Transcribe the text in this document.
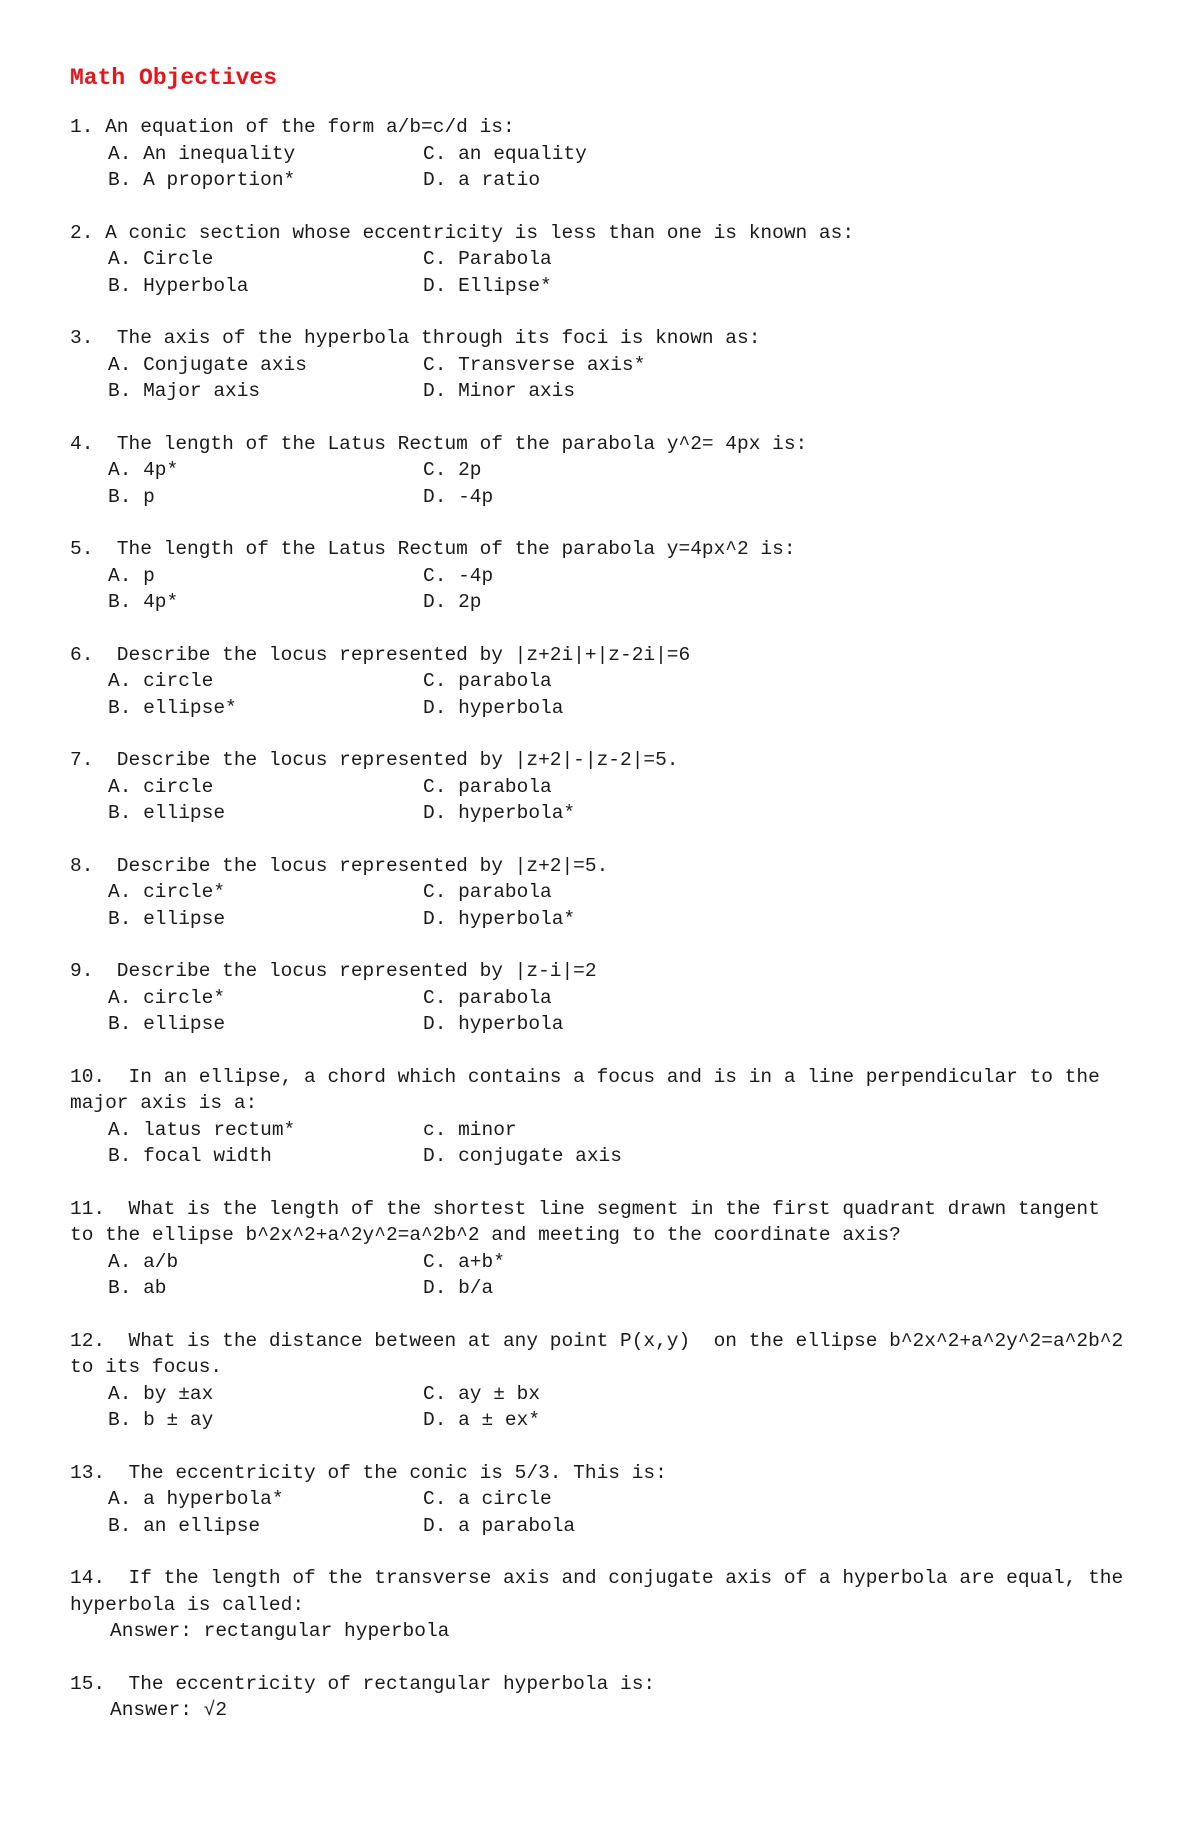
Math Objectives
1. An equation of the form a/b=c/d is:
A. An inequality	C. an equality
B. A proportion*	D. a ratio
2. A conic section whose eccentricity is less than one is known as:
A. Circle	C. Parabola
B. Hyperbola	D. Ellipse*
3.  The axis of the hyperbola through its foci is known as:
A. Conjugate axis	C. Transverse axis*
B. Major axis	D. Minor axis
4.  The length of the Latus Rectum of the parabola y^2= 4px is:
A. 4p*	C. 2p
B. p	D. -4p
5.  The length of the Latus Rectum of the parabola y=4px^2 is:
A. p	C. -4p
B. 4p*	D. 2p
6.  Describe the locus represented by |z+2i|+|z-2i|=6
A. circle	C. parabola
B. ellipse*	D. hyperbola
7.  Describe the locus represented by |z+2|-|z-2|=5.
A. circle	C. parabola
B. ellipse	D. hyperbola*
8.  Describe the locus represented by |z+2|=5.
A. circle*	C. parabola
B. ellipse	D. hyperbola*
9.  Describe the locus represented by |z-i|=2
A. circle*	C. parabola
B. ellipse	D. hyperbola
10.  In an ellipse, a chord which contains a focus and is in a line perpendicular to the major axis is a:
A. latus rectum*	c. minor
B. focal width	D. conjugate axis
11.  What is the length of the shortest line segment in the first quadrant drawn tangent to the ellipse b^2x^2+a^2y^2=a^2b^2 and meeting to the coordinate axis?
A. a/b	C. a+b*
B. ab	D. b/a
12.  What is the distance between at any point P(x,y)  on the ellipse b^2x^2+a^2y^2=a^2b^2 to its focus.
A. by ±ax	C. ay ± bx
B. b ± ay	D. a ± ex*
13.  The eccentricity of the conic is 5/3. This is:
A. a hyperbola*	C. a circle
B. an ellipse	D. a parabola
14.  If the length of the transverse axis and conjugate axis of a hyperbola are equal, the hyperbola is called:
Answer: rectangular hyperbola
15.  The eccentricity of rectangular hyperbola is:
Answer: √2
